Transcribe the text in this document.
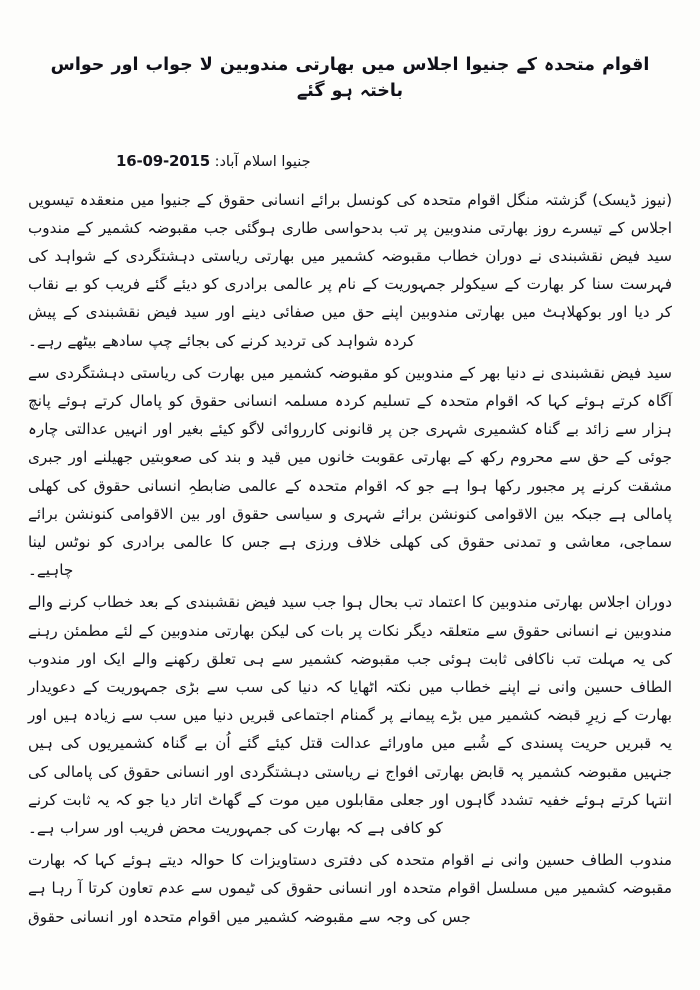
اقوام متحدہ کے جنیوا اجلاس میں بھارتی مندوبین لا جواب اور حواس باختہ ہو گئے
جنیوا اسلام آباد: 16-09-2015

(نیوز ڈیسک) گزشتہ منگل اقوام متحدہ کی کونسل برائے انسانی حقوق کے جنیوا میں منعقدہ تیسویں اجلاس کے تیسرے روز بھارتی مندوبین پر تب بدحواسی طاری ہوگئی جب مقبوضہ کشمیر کے مندوب سید فیض نقشبندی نے دوران خطاب مقبوضہ کشمیر میں بھارتی ریاستی دہشتگردی کے شواہد کی فہرست سنا کر بھارت کے سیکولر جمہوریت کے نام پر عالمی برادری کو دیئے گئے فریب کو بے نقاب کر دیا اور بوکھلاہٹ میں بھارتی مندوبین اپنے حق میں صفائی دینے اور سید فیض نقشبندی کے پیش کردہ شواہد کی تردید کرنے کی بجائے چپ سادھے بیٹھے رہے۔

سید فیض نقشبندی نے دنیا بھر کے مندوبین کو مقبوضہ کشمیر میں بھارت کی ریاستی دہشتگردی سے آگاہ کرتے ہوئے کہا کہ اقوام متحدہ کے تسلیم کردہ مسلمہ انسانی حقوق کو پامال کرتے ہوئے پانچ ہزار سے زائد بے گناہ کشمیری شہری جن پر قانونی کارروائی لاگو کیئے بغیر اور انہیں عدالتی چارہ جوئی کے حق سے محروم رکھ کے بھارتی عقوبت خانوں میں قید و بند کی صعوبتیں جھیلنے اور جبری مشقت کرنے پر مجبور رکھا ہوا ہے جو کہ اقوام متحدہ کے عالمی ضابطہِ انسانی حقوق کی کھلی پامالی ہے جبکہ بین الاقوامی کنونشن برائے شہری و سیاسی حقوق اور بین الاقوامی کنونشن برائے سماجی، معاشی و تمدنی حقوق کی کھلی خلاف ورزی ہے جس کا عالمی برادری کو نوٹس لینا چاہیے۔

دوران اجلاس بھارتی مندوبین کا اعتماد تب بحال ہوا جب سید فیض نقشبندی کے بعد خطاب کرنے والے مندوبین نے انسانی حقوق سے متعلقہ دیگر نکات پر بات کی لیکن بھارتی مندوبین کے لئے مطمئن رہنے کی یہ مہلت تب ناکافی ثابت ہوئی جب مقبوضہ کشمیر سے ہی تعلق رکھنے والے ایک اور مندوب الطاف حسین وانی نے اپنے خطاب میں نکتہ اٹھایا کہ دنیا کی سب سے بڑی جمہوریت کے دعویدار بھارت کے زیرِ قبضہ کشمیر میں بڑے پیمانے پر گمنام اجتماعی قبریں دنیا میں سب سے زیادہ ہیں اور یہ قبریں حریت پسندی کے شُبے میں ماورائے عدالت قتل کیئے گئے اُن بے گناہ کشمیریوں کی ہیں جنہیں مقبوضہ کشمیر پہ قابض بھارتی افواج نے ریاستی دہشتگردی اور انسانی حقوق کی پامالی کی انتہا کرتے ہوئے خفیہ تشدد گاہوں اور جعلی مقابلوں میں موت کے گھاٹ اتار دیا جو کہ یہ ثابت کرنے کو کافی ہے کہ بھارت کی جمہوریت محض فریب اور سراب ہے۔

مندوب الطاف حسین وانی نے اقوام متحدہ کی دفتری دستاویزات کا حوالہ دیتے ہوئے کہا کہ بھارت مقبوضہ کشمیر میں مسلسل اقوام متحدہ اور انسانی حقوق کی ٹیموں سے عدم تعاون کرتا آ رہا ہے جس کی وجہ سے مقبوضہ کشمیر میں اقوام متحدہ اور انسانی حقوق
